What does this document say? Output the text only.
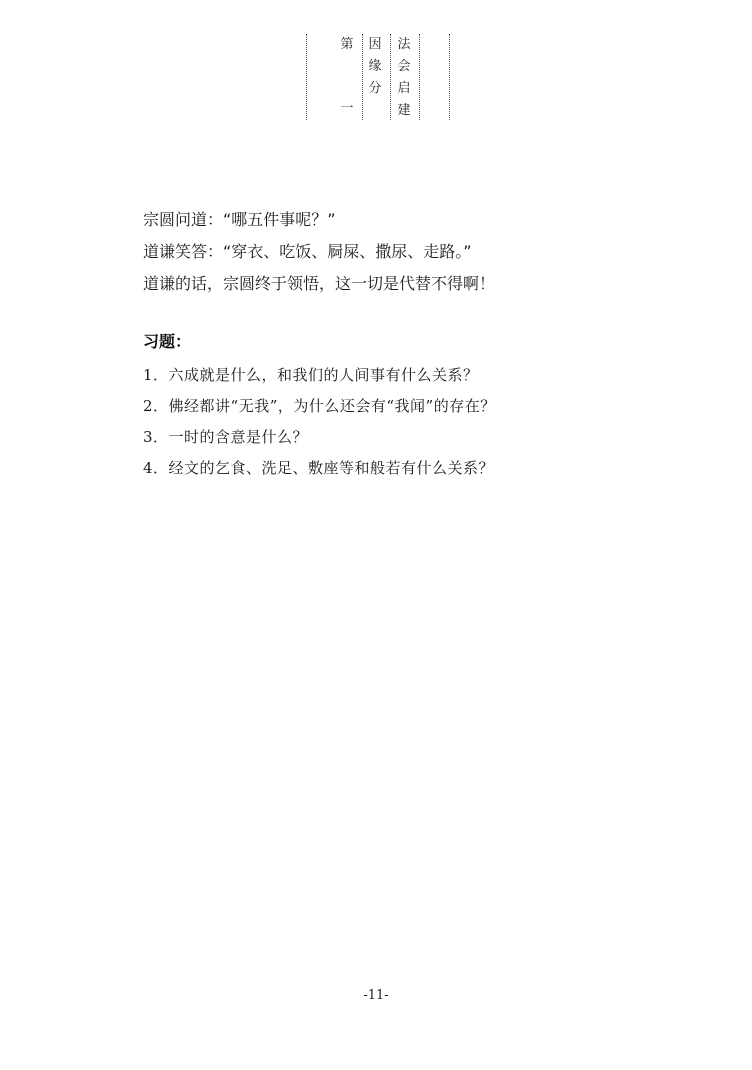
第
一
因
缘
分
法
会
启
建

宗圆问道：“哪五件事呢？”

道谦笑答：“穿衣、吃饭、屙屎、撒尿、走路。”

道谦的话，宗圆终于领悟，这一切是代替不得啊！

习题：
1．六成就是什么，和我们的人间事有什么关系？
2．佛经都讲“无我”，为什么还会有“我闻”的存在？
3．一时的含意是什么？
4．经文的乞食、洗足、敷座等和般若有什么关系？
-11-
